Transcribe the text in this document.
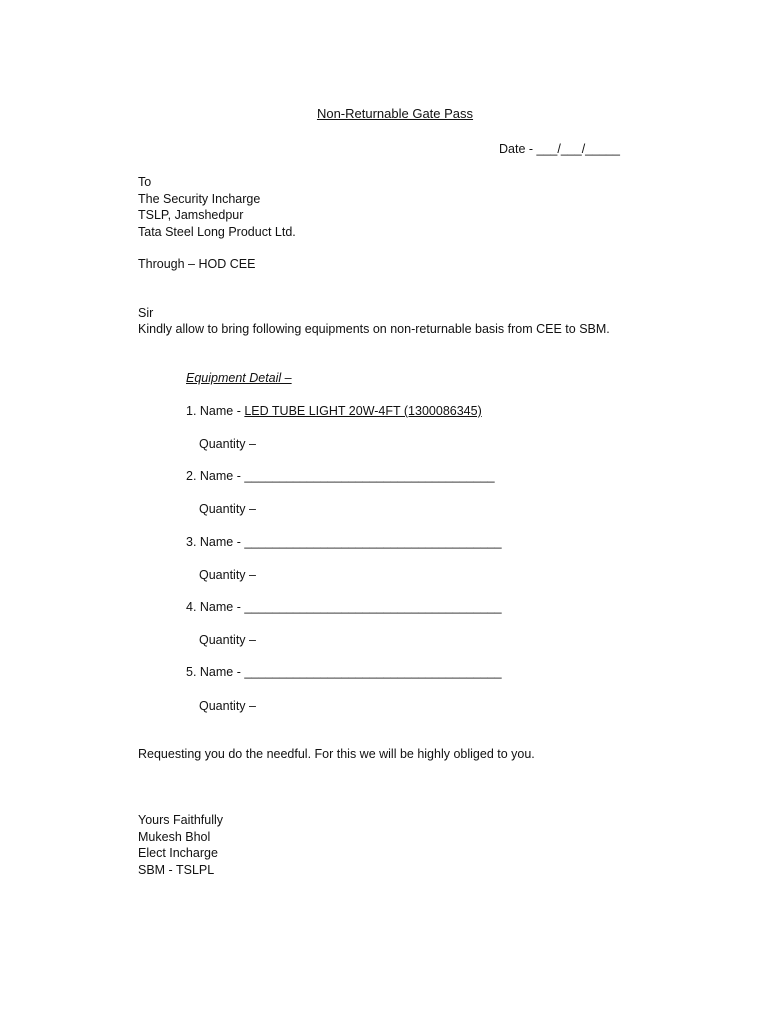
Non-Returnable Gate Pass
Date - ___/___/_____
To
The Security Incharge
TSLP, Jamshedpur
Tata Steel Long Product Ltd.
Through – HOD CEE
Sir
Kindly allow to bring following equipments on non-returnable basis from CEE to SBM.
Equipment Detail –
1. Name - LED TUBE LIGHT 20W-4FT (1300086345)
Quantity –
2. Name - ____________________________________
Quantity –
3. Name - _____________________________________
Quantity –
4. Name - _____________________________________
Quantity –
5. Name - _____________________________________
Quantity –
Requesting you do the needful. For this we will be highly obliged to you.
Yours Faithfully
Mukesh Bhol
Elect Incharge
SBM - TSLPL
